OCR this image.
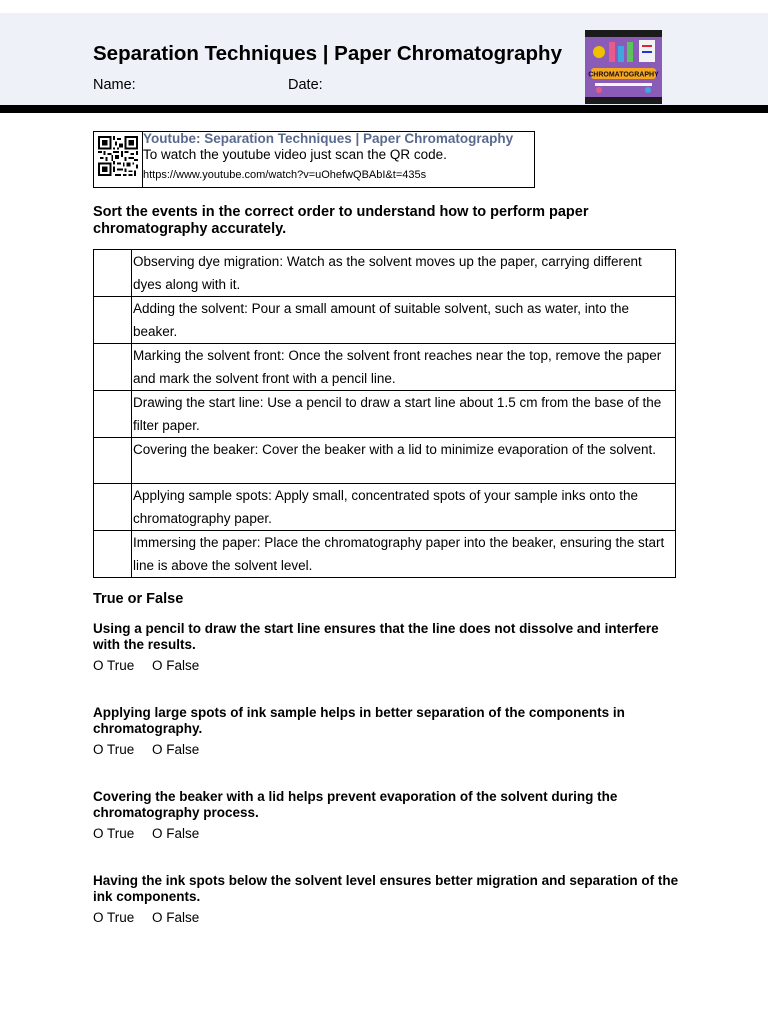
Separation Techniques | Paper Chromatography
Name:	Date:
CHROMATOGRAPHY
Youtube: Separation Techniques | Paper Chromatography
To watch the youtube video just scan the QR code.
https://www.youtube.com/watch?v=uOhefwQBAbI&t=435s
Sort the events in the correct order to understand how to perform paper chromatography accurately.
	Observing dye migration: Watch as the solvent moves up the paper, carrying different dyes along with it.
	Adding the solvent: Pour a small amount of suitable solvent, such as water, into the beaker.
	Marking the solvent front: Once the solvent front reaches near the top, remove the paper and mark the solvent front with a pencil line.
	Drawing the start line: Use a pencil to draw a start line about 1.5 cm from the base of the filter paper.
	Covering the beaker: Cover the beaker with a lid to minimize evaporation of the solvent.
	Applying sample spots: Apply small, concentrated spots of your sample inks onto the chromatography paper.
	Immersing the paper: Place the chromatography paper into the beaker, ensuring the start line is above the solvent level.
True or False
Using a pencil to draw the start line ensures that the line does not dissolve and interfere with the results.
O True O False
Applying large spots of ink sample helps in better separation of the components in chromatography.
O True O False
Covering the beaker with a lid helps prevent evaporation of the solvent during the chromatography process.
O True O False
Having the ink spots below the solvent level ensures better migration and separation of the ink components.
O True O False
